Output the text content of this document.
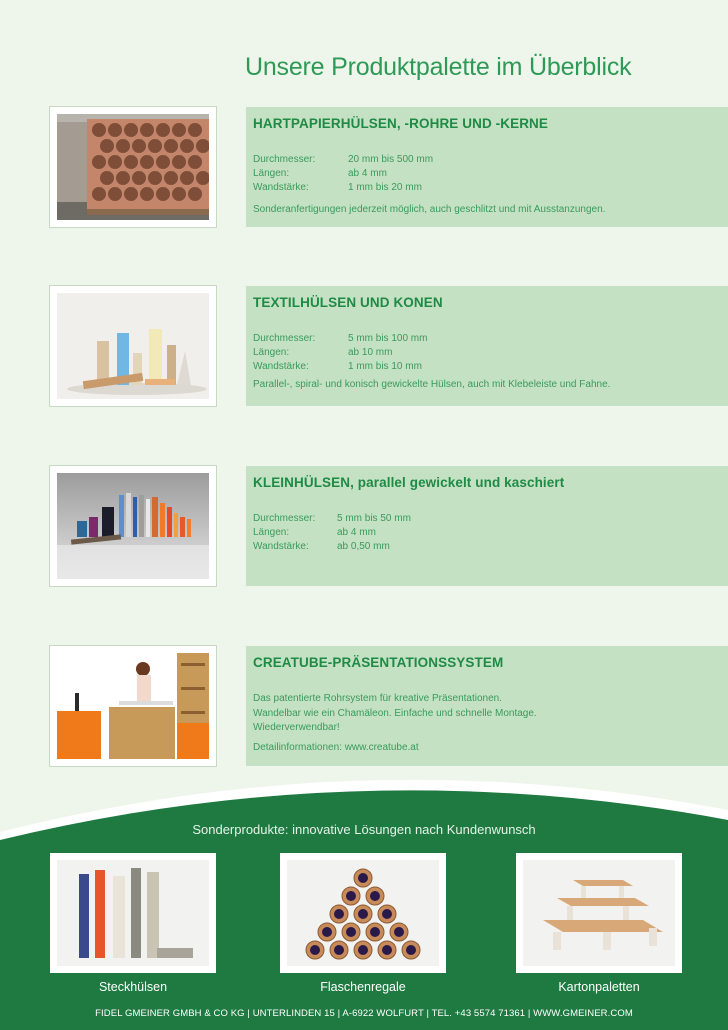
Unsere Produktpalette im Überblick
HARTPAPIERHÜLSEN, -ROHRE UND -KERNE
Durchmesser:	20 mm bis 500 mm
Längen:	ab 4 mm
Wandstärke:	1 mm bis 20 mm
Sonderanfertigungen jederzeit möglich, auch geschlitzt und mit Ausstanzungen.
TEXTILHÜLSEN UND KONEN
Durchmesser:	5 mm bis 100 mm
Längen:	ab 10 mm
Wandstärke:	1 mm bis 10 mm
Parallel-, spiral- und konisch gewickelte Hülsen, auch mit Klebeleiste und Fahne.
KLEINHÜLSEN, parallel gewickelt und kaschiert
Durchmesser: 5 mm bis 50 mm
Längen:	ab 4 mm
Wandstärke:	ab 0,50 mm
CREATUBE-PRÄSENTATIONSSYSTEM
Das patentierte Rohrsystem für kreative Präsentationen.
Wandelbar wie ein Chamäleon. Einfache und schnelle Montage.
Wiederverwendbar!
Detailinformationen: www.creatube.at
Sonderprodukte: innovative Lösungen nach Kundenwunsch
Steckhülsen	Flaschenregale	Kartonpaletten
FIDEL GMEINER GMBH & CO KG | UNTERLINDEN 15 | A-6922 WOLFURT | TEL. +43 5574 71361 | WWW.GMEINER.COM
